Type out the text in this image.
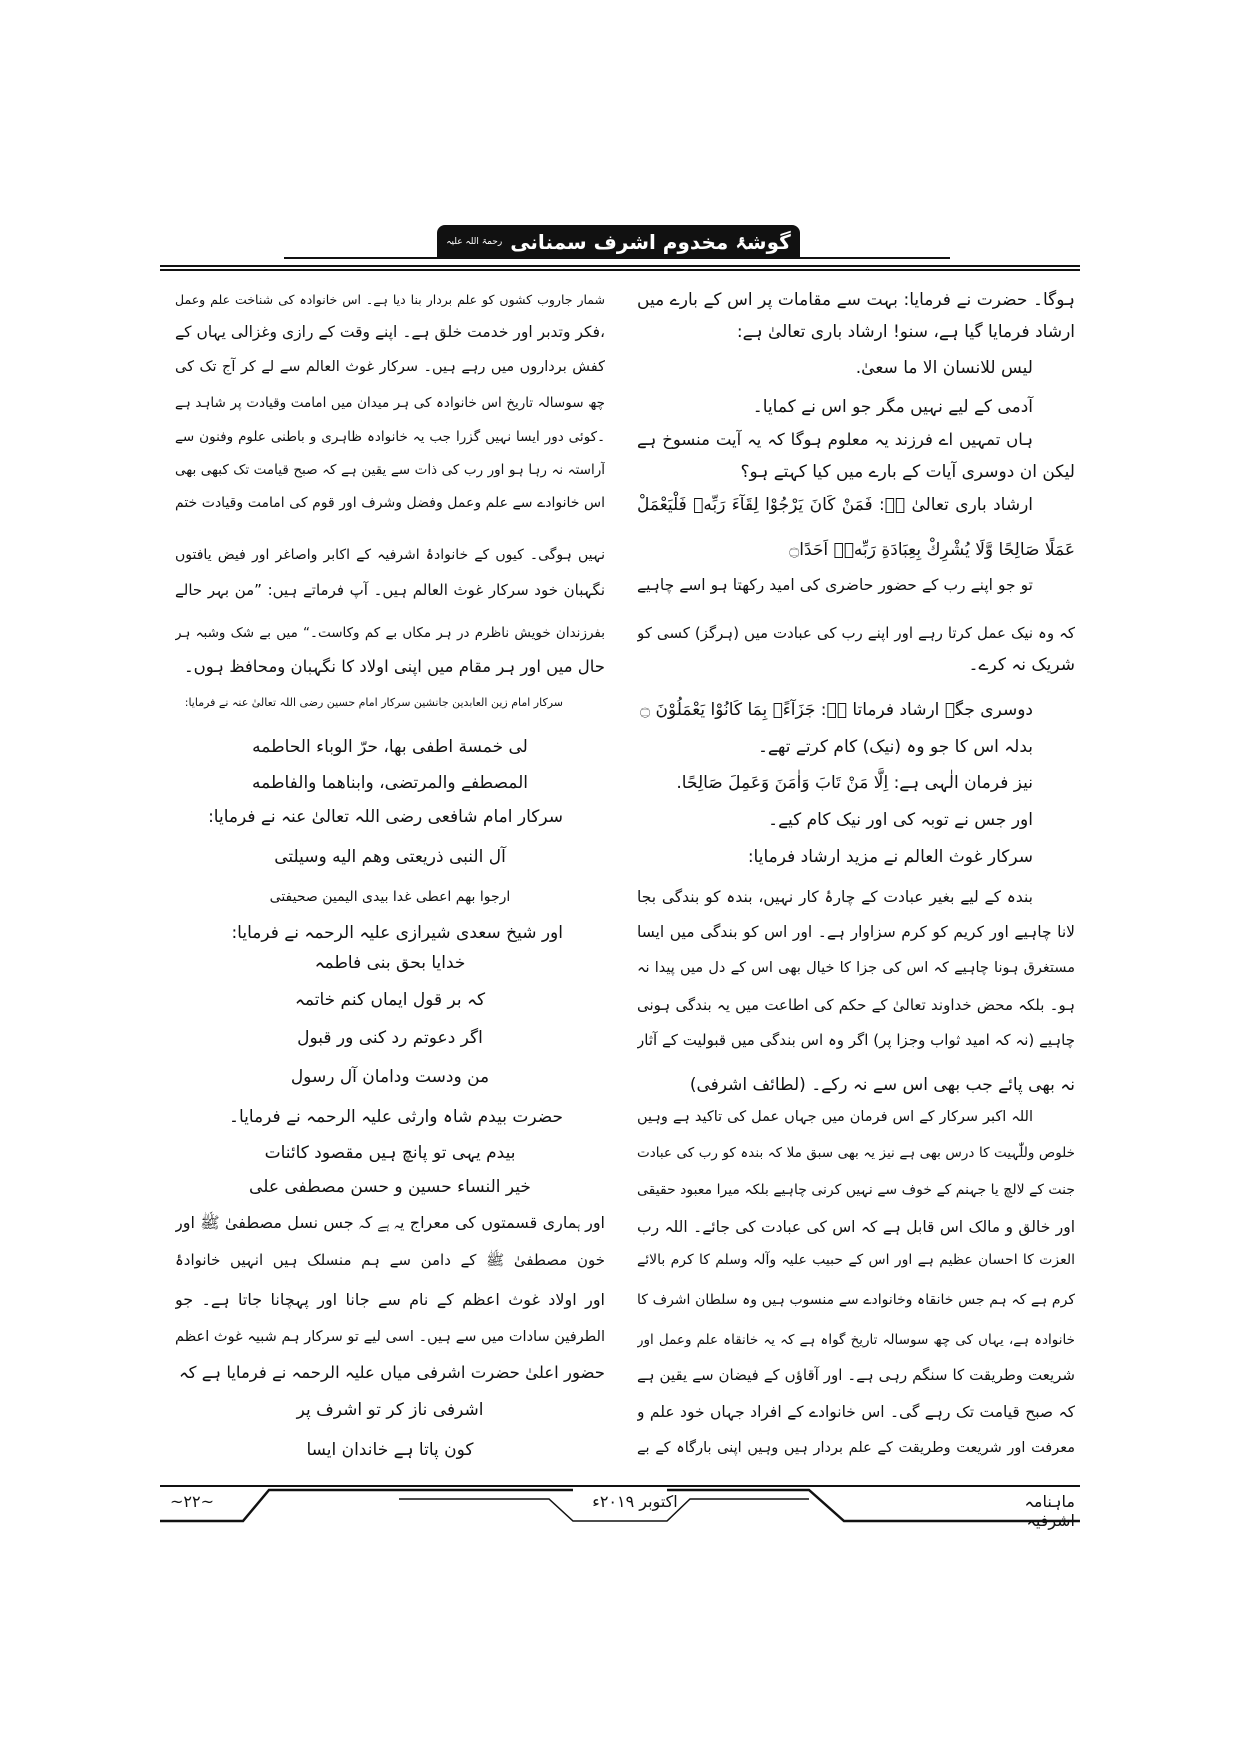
گوشۂ مخدوم اشرف سمنانی
رحمۃ اللہ علیہ
ہوگا۔ حضرت نے فرمایا: بہت سے مقامات پر اس کے بارے میں
ارشاد فرمایا گیا ہے، سنو! ارشاد باری تعالیٰ ہے:
لیس للانسان الا ما سعیٰ.
آدمی کے لیے نہیں مگر جو اس نے کمایا۔
ہاں تمہیں اے فرزند یہ معلوم ہوگا کہ یہ آیت منسوخ ہے
لیکن ان دوسری آیات کے بارے میں کیا کہتے ہو؟
ارشاد باری تعالیٰ ہے: فَمَنْ كَانَ يَرْجُوْا لِقَآءَ رَبِّهٖ فَلْيَعْمَلْ
عَمَلًا صَالِحًا وَّلَا يُشْرِكْ بِعِبَادَةِ رَبِّهٖۤ اَحَدًا۝
تو جو اپنے رب کے حضور حاضری کی امید رکھتا ہو اسے چاہیے
کہ وہ نیک عمل کرتا رہے اور اپنے رب کی عبادت میں (ہرگز) کسی کو
شریک نہ کرے۔
دوسری جگہ ارشاد فرماتا ہے: جَزَآءًۢ بِمَا كَانُوْا يَعْمَلُوْنَ ۝
بدلہ اس کا جو وہ (نیک) کام کرتے تھے۔
نیز فرمان الٰہی ہے: اِلَّا مَنْ تَابَ وَاٰمَنَ وَعَمِلَ صَالِحًا.
اور جس نے توبہ کی اور نیک کام کیے۔
سرکار غوث العالم نے مزید ارشاد فرمایا:
بندہ کے لیے بغیر عبادت کے چارۂ کار نہیں، بندہ کو بندگی بجا
لانا چاہیے اور کریم کو کرم سزاوار ہے۔ اور اس کو بندگی میں ایسا
مستغرق ہونا چاہیے کہ اس کی جزا کا خیال بھی اس کے دل میں پیدا نہ
ہو۔ بلکہ محض خداوند تعالیٰ کے حکم کی اطاعت میں یہ بندگی ہونی
چاہیے (نہ کہ امید ثواب وجزا پر) اگر وہ اس بندگی میں قبولیت کے آثار
نہ بھی پائے جب بھی اس سے نہ رکے۔ (لطائف اشرفی)
اللہ اکبر سرکار کے اس فرمان میں جہاں عمل کی تاکید ہے وہیں
خلوص وللّٰہیت کا درس بھی ہے نیز یہ بھی سبق ملا کہ بندہ کو رب کی عبادت
جنت کے لالچ یا جہنم کے خوف سے نہیں کرنی چاہیے بلکہ میرا معبود حقیقی
اور خالق و مالک اس قابل ہے کہ اس کی عبادت کی جائے۔ اللہ رب
العزت کا احسان عظیم ہے اور اس کے حبیب علیہ وآلہ وسلم کا کرم بالائے
کرم ہے کہ ہم جس خانقاہ وخانوادے سے منسوب ہیں وہ سلطان اشرف کا
خانوادہ ہے، یہاں کی چھ سوسالہ تاریخ گواہ ہے کہ یہ خانقاہ علم وعمل اور
شریعت وطریقت کا سنگم رہی ہے۔ اور آقاؤں کے فیضان سے یقین ہے
کہ صبح قیامت تک رہے گی۔ اس خانوادے کے افراد جہاں خود علم و
معرفت اور شریعت وطریقت کے علم بردار ہیں وہیں اپنی بارگاہ کے بے
شمار جاروب کشوں کو علم بردار بنا دیا ہے۔ اس خانوادہ کی شناخت علم وعمل
،فکر وتدبر اور خدمت خلق ہے۔ اپنے وقت کے رازی وغزالی یہاں کے
کفش برداروں میں رہے ہیں۔ سرکار غوث العالم سے لے کر آج تک کی
چھ سوسالہ تاریخ اس خانوادہ کی ہر میدان میں امامت وقیادت پر شاہد ہے
۔کوئی دور ایسا نہیں گزرا جب یہ خانوادہ ظاہری و باطنی علوم وفنون سے
آراستہ نہ رہا ہو اور رب کی ذات سے یقین ہے کہ صبح قیامت تک کبھی بھی
اس خانوادے سے علم وعمل وفضل وشرف اور قوم کی امامت وقیادت ختم
نہیں ہوگی۔ کیوں کے خانوادۂ اشرفیہ کے اکابر واصاغر اور فیض یافتوں
نگہبان خود سرکار غوث العالم ہیں۔ آپ فرماتے ہیں: ”من بہر حالے
بفرزندان خویش ناظرم در ہر مکاں بے کم وکاست۔“ میں بے شک وشبہ ہر
حال میں اور ہر مقام میں اپنی اولاد کا نگہبان ومحافظ ہوں۔
سرکار امام زین العابدین جانشین سرکار امام حسین رضی اللہ تعالیٰ عنہ نے فرمایا:
لی خمسة اطفی بها، حرّ الوباء الحاطمه
المصطفے والمرتضی، وابناهما والفاطمه
سرکار امام شافعی رضی اللہ تعالیٰ عنہ نے فرمایا:
آل النبی ذریعتی وهم الیه وسیلتی
ارجوا بهم اعطی غدا بیدی الیمین صحیفتی
اور شیخ سعدی شیرازی علیہ الرحمہ نے فرمایا:
خدایا بحق بنی فاطمہ
کہ بر قول ایماں کنم خاتمہ
اگر دعوتم رد کنی ور قبول
من ودست ودامان آل رسول
حضرت بیدم شاہ وارثی علیہ الرحمہ نے فرمایا۔
بیدم یہی تو پانچ ہیں مقصود کائنات
خیر النساء حسین و حسن مصطفی علی
اور ہماری قسمتوں کی معراج یہ ہے کہ جس نسل مصطفیٰ ﷺ اور
خون مصطفیٰ ﷺ کے دامن سے ہم منسلک ہیں انہیں خانوادۂ
اور اولاد غوث اعظم کے نام سے جانا اور پہچانا جاتا ہے۔ جو
الطرفین سادات میں سے ہیں۔ اسی لیے تو سرکار ہم شبیہ غوث اعظم
حضور اعلیٰ حضرت اشرفی میاں علیہ الرحمہ نے فرمایا ہے کہ
اشرفی ناز کر تو اشرف پر
کون پاتا ہے خاندان ایسا
ماہنامہ اشرفیہ
اکتوبر ۲۰۱۹ء
~۲۲~
